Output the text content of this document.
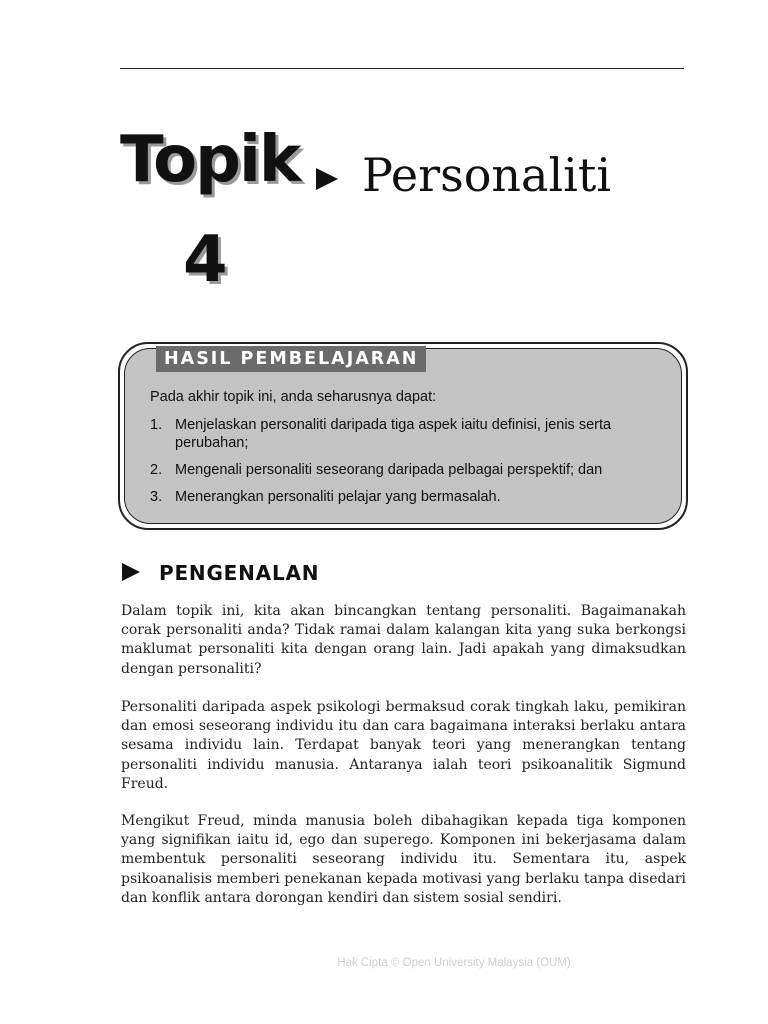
Topik
4
Personaliti
HASIL PEMBELAJARAN
Pada akhir topik ini, anda seharusnya dapat:
1. Menjelaskan personaliti daripada tiga aspek iaitu definisi, jenis serta perubahan;
2. Mengenali personaliti seseorang daripada pelbagai perspektif; dan
3. Menerangkan personaliti pelajar yang bermasalah.
PENGENALAN

Dalam topik ini, kita akan bincangkan tentang personaliti. Bagaimanakah corak personaliti anda? Tidak ramai dalam kalangan kita yang suka berkongsi maklumat personaliti kita dengan orang lain. Jadi apakah yang dimaksudkan dengan personaliti?

Personaliti daripada aspek psikologi bermaksud corak tingkah laku, pemikiran dan emosi seseorang individu itu dan cara bagaimana interaksi berlaku antara sesama individu lain. Terdapat banyak teori yang menerangkan tentang personaliti individu manusia. Antaranya ialah teori psikoanalitik Sigmund Freud.

Mengikut Freud, minda manusia boleh dibahagikan kepada tiga komponen yang signifikan iaitu id, ego dan superego. Komponen ini bekerjasama dalam membentuk personaliti seseorang individu itu. Sementara itu, aspek psikoanalisis memberi penekanan kepada motivasi yang berlaku tanpa disedari dan konflik antara dorongan kendiri dan sistem sosial sendiri.

Hak Cipta © Open University Malaysia (OUM)
